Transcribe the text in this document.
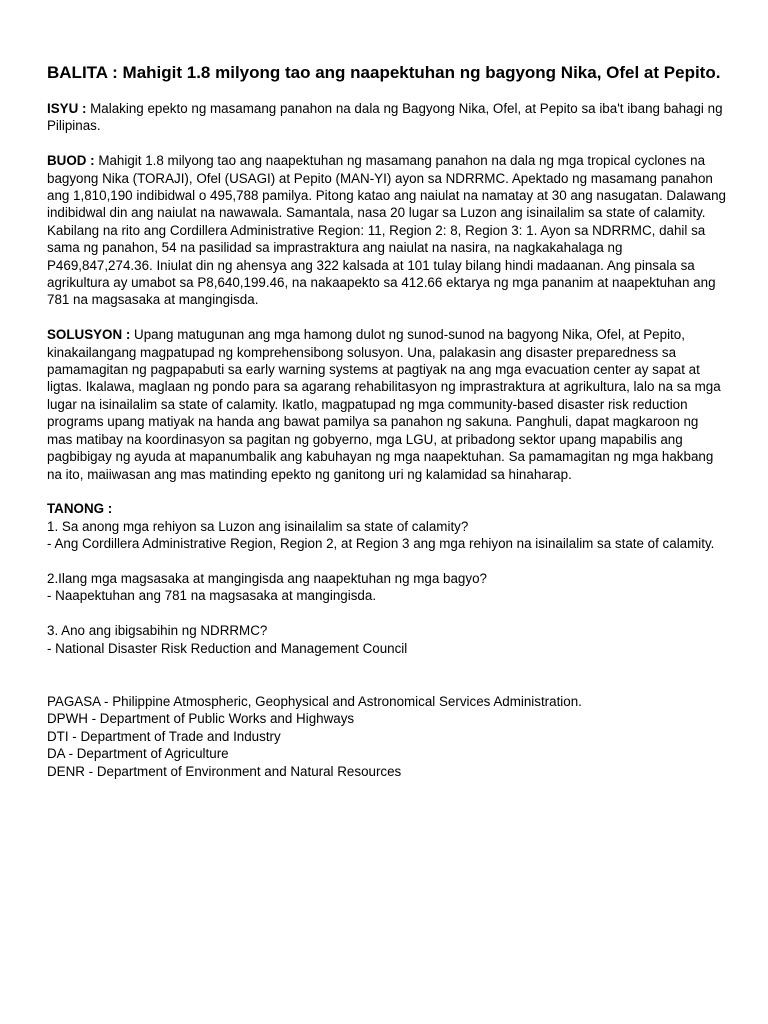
BALITA : Mahigit 1.8 milyong tao ang naapektuhan ng bagyong Nika, Ofel at Pepito.
ISYU : Malaking epekto ng masamang panahon na dala ng Bagyong Nika, Ofel, at Pepito sa iba't ibang bahagi ng Pilipinas.
BUOD : Mahigit 1.8 milyong tao ang naapektuhan ng masamang panahon na dala ng mga tropical cyclones na bagyong Nika (TORAJI), Ofel (USAGI) at Pepito (MAN-YI) ayon sa NDRRMC. Apektado ng masamang panahon ang 1,810,190 indibidwal o 495,788 pamilya. Pitong katao ang naiulat na namatay at 30 ang nasugatan. Dalawang indibidwal din ang naiulat na nawawala. Samantala, nasa 20 lugar sa Luzon ang isinailalim sa state of calamity. Kabilang na rito ang Cordillera Administrative Region: 11, Region 2: 8, Region 3: 1. Ayon sa NDRRMC, dahil sa sama ng panahon, 54 na pasilidad sa imprastraktura ang naiulat na nasira, na nagkakahalaga ng P469,847,274.36. Iniulat din ng ahensya ang 322 kalsada at 101 tulay bilang hindi madaanan. Ang pinsala sa agrikultura ay umabot sa P8,640,199.46, na nakaapekto sa 412.66 ektarya ng mga pananim at naapektuhan ang 781 na magsasaka at mangingisda.
SOLUSYON : Upang matugunan ang mga hamong dulot ng sunod-sunod na bagyong Nika, Ofel, at Pepito, kinakailangang magpatupad ng komprehensibong solusyon. Una, palakasin ang disaster preparedness sa pamamagitan ng pagpapabuti sa early warning systems at pagtiyak na ang mga evacuation center ay sapat at ligtas. Ikalawa, maglaan ng pondo para sa agarang rehabilitasyon ng imprastraktura at agrikultura, lalo na sa mga lugar na isinailalim sa state of calamity. Ikatlo, magpatupad ng mga community-based disaster risk reduction programs upang matiyak na handa ang bawat pamilya sa panahon ng sakuna. Panghuli, dapat magkaroon ng mas matibay na koordinasyon sa pagitan ng gobyerno, mga LGU, at pribadong sektor upang mapabilis ang pagbibigay ng ayuda at mapanumbalik ang kabuhayan ng mga naapektuhan. Sa pamamagitan ng mga hakbang na ito, maiiwasan ang mas matinding epekto ng ganitong uri ng kalamidad sa hinaharap.
TANONG :
1. Sa anong mga rehiyon sa Luzon ang isinailalim sa state of calamity?
- Ang Cordillera Administrative Region, Region 2, at Region 3 ang mga rehiyon na isinailalim sa state of calamity.
2.Ilang mga magsasaka at mangingisda ang naapektuhan ng mga bagyo?
- Naapektuhan ang 781 na magsasaka at mangingisda.
3. Ano ang ibigsabihin ng NDRRMC?
- National Disaster Risk Reduction and Management Council
PAGASA - Philippine Atmospheric, Geophysical and Astronomical Services Administration.
DPWH - Department of Public Works and Highways
DTI - Department of Trade and Industry
DA - Department of Agriculture
DENR - Department of Environment and Natural Resources
